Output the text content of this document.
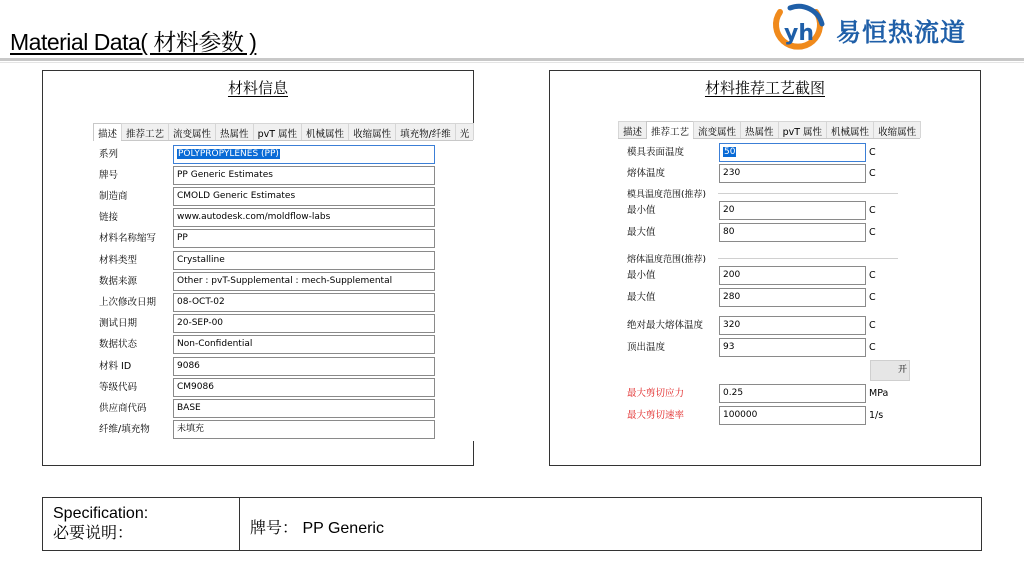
Material Data( 材料参数 )	yh 易恒热流道
材料信息
描述 推荐工艺 流变属性 热属性 pvT 属性 机械属性 收缩属性 填充物/纤维 光
系列	POLYPROPYLENES (PP)
牌号	PP Generic Estimates
制造商	CMOLD Generic Estimates
链接	www.autodesk.com/moldflow-labs
材料名称缩写	PP
材料类型	Crystalline
数据来源	Other : pvT-Supplemental : mech-Supplemental
上次修改日期	08-OCT-02
测试日期	20-SEP-00
数据状态	Non-Confidential
材料 ID	9086
等级代码	CM9086
供应商代码	BASE
纤维/填充物	未填充
材料推荐工艺截图
描述 推荐工艺 流变属性 热属性 pvT 属性 机械属性 收缩属性
模具表面温度	50	C
熔体温度	230	C
模具温度范围(推荐)
最小值	20	C
最大值	80	C
熔体温度范围(推荐)
最小值	200	C
最大值	280	C
绝对最大熔体温度	320	C
顶出温度	93	C
开
最大剪切应力	0.25	MPa
最大剪切速率	100000	1/s
Specification:
必要说明：	牌号： PP Generic
